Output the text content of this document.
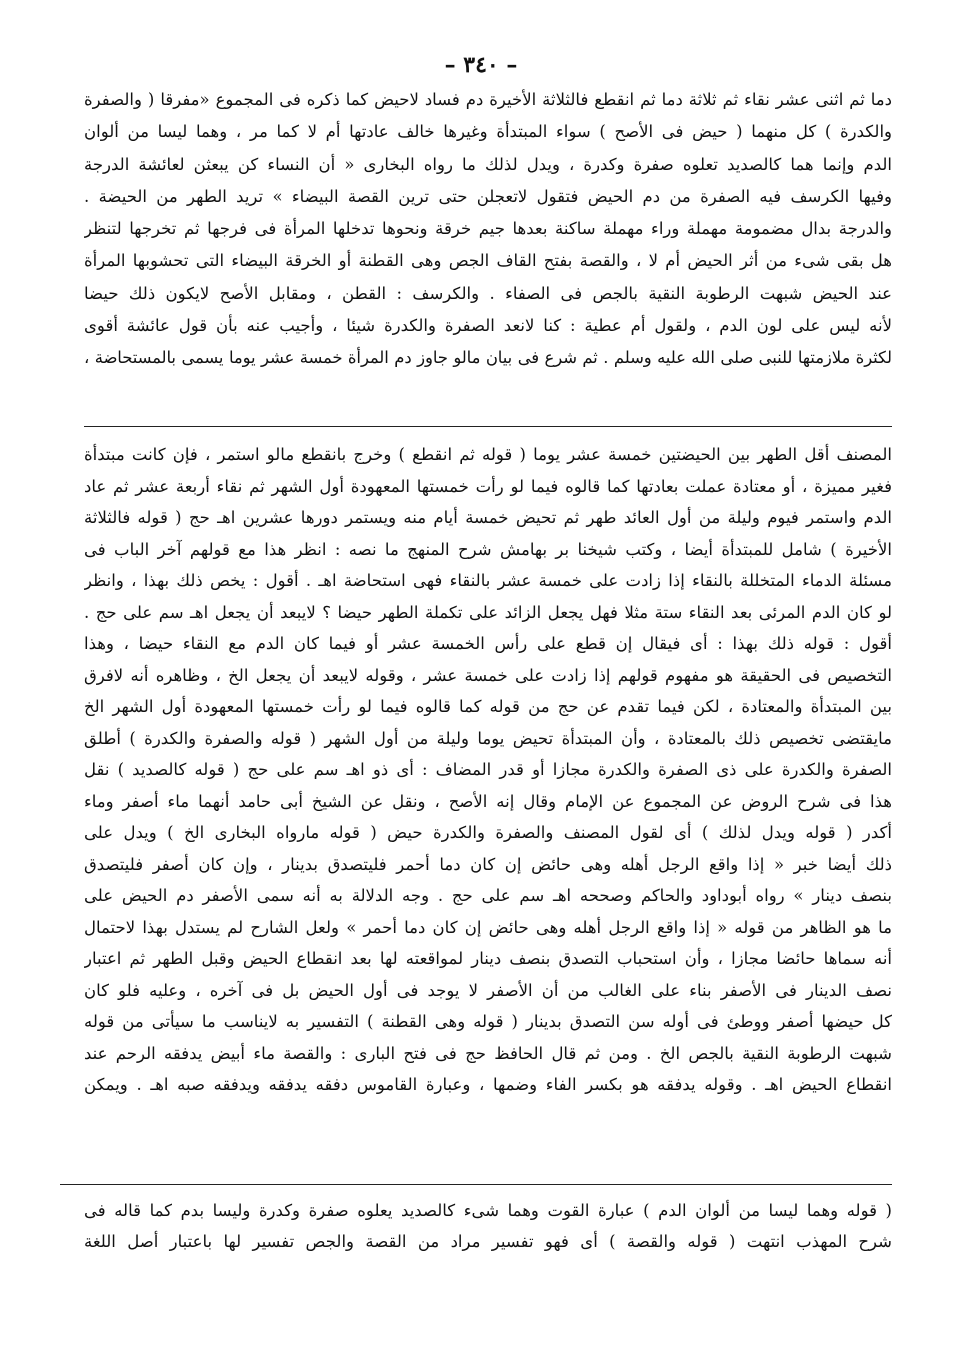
– ٣٤٠ –
دما ثم اثنى عشر نقاء ثم ثلاثة دما ثم انقطع فالثلاثة الأخيرة دم فساد لاحيض كما ذكره فى المجموع «مفرقا ( والصفرة
والكدرة ) كل منهما ( حيض فى الأصح ) سواء المبتدأة وغيرها خالف عادتها أم لا كما مر ، وهما ليسا من ألوان
الدم وإنما هما كالصديد تعلوه صفرة وكدرة ، ويدل لذلك ما رواه البخارى « أن النساء كن يبعثن لعائشة الدرجة
وفيها الكرسف فيه الصفرة من دم الحيض فتقول لاتعجلن حتى ترين القصة البيضاء » تريد الطهر من الحيضة .
والدرجة بدال مضمومة مهملة وراء مهملة ساكنة بعدها جيم خرقة ونحوها تدخلها المرأة فى فرجها ثم تخرجها لتنظر
هل بقى شىء من أثر الحيض أم لا ، والقصة بفتح القاف الجص وهى القطنة أو الخرقة البيضاء التى تحشوبها المرأة
عند الحيض شبهت الرطوبة النقية بالجص فى الصفاء . والكرسف : القطن ، ومقابل الأصح لايكون ذلك حيضا
لأنه ليس على لون الدم ، ولقول أم عطية : كنا لانعد الصفرة والكدرة شيئا ، وأجيب عنه بأن قول عائشة أقوى
لكثرة ملازمتها للنبى صلى الله عليه وسلم . ثم شرع فى بيان مالو جاوز دم المرأة خمسة عشر يوما يسمى بالمستحاضة ،
المصنف أقل الطهر بين الحيضتين خمسة عشر يوما ( قوله ثم انقطع ) وخرج بانقطع مالو استمر ، فإن كانت مبتدأة
فغير مميزة ، أو معتادة عملت بعادتها كما قالوه فيما لو رأت خمستها المعهودة أول الشهر ثم نقاء أربعة عشر ثم عاد
الدم واستمر فيوم وليلة من أول العائد طهر ثم تحيض خمسة أيام منه ويستمر دورها عشرين اهـ حج ( قوله فالثلاثة
الأخيرة ) شامل للمبتدأة أيضا ، وكتب شيخنا بر بهامش شرح المنهج ما نصه : انظر هذا مع قولهم آخر الباب فى
مسئلة الدماء المتخللة بالنقاء إذا زادت على خمسة عشر بالنقاء فهى استحاضة اهـ . أقول : يخص ذلك بهذا ، وانظر
لو كان الدم المرئى بعد النقاء ستة مثلا فهل يجعل الزائد على تكملة الطهر حيضا ؟ لايبعد أن يجعل اهـ سم على حج .
أقول : قوله ذلك بهذا : أى فيقال إن قطع على رأس الخمسة عشر أو فيما كان الدم مع النقاء حيضا ، وهذا
التخصيص فى الحقيقة هو مفهوم قولهم إذا زادت على خمسة عشر ، وقوله لايبعد أن يجعل الخ ، وظاهره أنه لافرق
بين المبتدأة والمعتادة ، لكن فيما تقدم عن حج من قوله كما قالوه فيما لو رأت خمستها المعهودة أول الشهر الخ
مايقتضى تخصيص ذلك بالمعتادة ، وأن المبتدأة تحيض يوما وليلة من أول الشهر ( قوله والصفرة والكدرة ) أطلق
الصفرة والكدرة على ذى الصفرة والكدرة مجازا أو قدر المضاف : أى ذو اهـ سم على حج ( قوله كالصديد ) نقل
هذا فى شرح الروض عن المجموع عن الإمام وقال إنه الأصح ، ونقل عن الشيخ أبى حامد أنهما ماء أصفر وماء
أكدر ( قوله ويدل لذلك ) أى لقول المصنف والصفرة والكدرة حيض ( قوله مارواه البخارى الخ ) ويدل على
ذلك أيضا خبر « إذا واقع الرجل أهله وهى حائض إن كان دما أحمر فليتصدق بدينار ، وإن كان أصفر فليتصدق
بنصف دينار » رواه أبوداود والحاكم وصححه اهـ سم على حج . وجه الدلالة به أنه سمى الأصفر دم الحيض على
ما هو الظاهر من قوله « إذا واقع الرجل أهله وهى حائض إن كان دما أحمر » ولعل الشارح لم يستدل بهذا لاحتمال
أنه سماها حائضا مجازا ، وأن استحباب التصدق بنصف دينار لمواقعته لها بعد انقطاع الحيض وقبل الطهر ثم اعتبار
نصف الدينار فى الأصفر بناء على الغالب من أن الأصفر لا يوجد فى أول الحيض بل فى آخره ، وعليه فلو كان
كل حيضها أصفر ووطئ فى أوله سن التصدق بدينار ( قوله وهى القطنة ) التفسير به لايناسب ما سيأتى من قوله
شبهت الرطوبة النقية بالجص الخ . ومن ثم قال الحافظ حج فى فتح البارى : والقصة ماء أبيض يدفقه الرحم عند
انقطاع الحيض اهـ . وقوله يدفقه هو بكسر الفاء وضمها ، وعبارة القاموس دفقه يدفقه ويدفقه صبه اهـ . ويمكن
( قوله وهما ليسا من ألوان الدم ) عبارة القوت وهما شىء كالصديد يعلوه صفرة وكدرة وليسا بدم كما قاله فى
شرح المهذب انتهت ( قوله والقصة ) أى فهو تفسير مراد من القصة والجص تفسير لها باعتبار أصل اللغة
